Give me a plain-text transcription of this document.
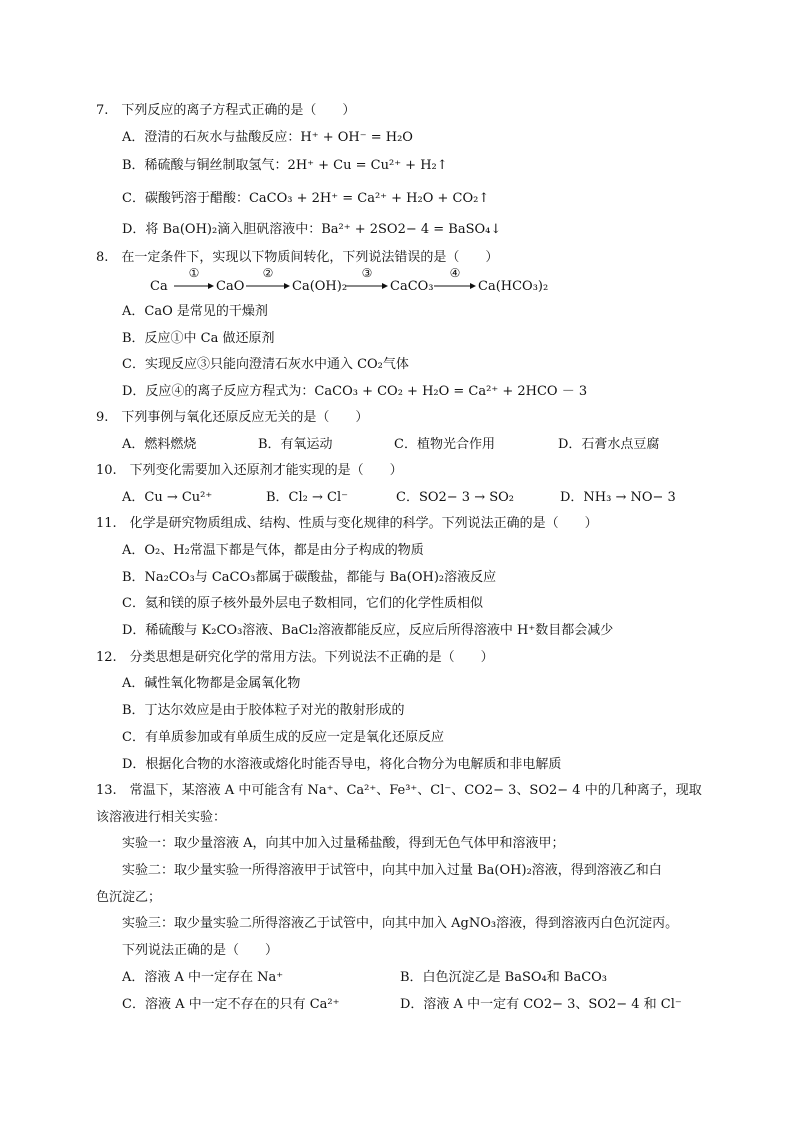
7.　下列反应的离子方程式正确的是（　　）
A．澄清的石灰水与盐酸反应：H⁺ + OH⁻ = H₂O
B．稀硫酸与铜丝制取氢气：2H⁺ + Cu = Cu²⁺ + H₂↑
C．碳酸钙溶于醋酸：CaCO₃ + 2H⁺ = Ca²⁺ + H₂O + CO₂↑
D．将 Ba(OH)₂滴入胆矾溶液中：Ba²⁺ + 2SO2− 4 = BaSO₄↓
8.　在一定条件下，实现以下物质间转化，下列说法错误的是（　　）
Ca
①
CaO
②
Ca(OH)₂
③
CaCO₃
④
Ca(HCO₃)₂
A．CaO 是常见的干燥剂
B．反应①中 Ca 做还原剂
C．实现反应③只能向澄清石灰水中通入 CO₂气体
D．反应④的离子反应方程式为：CaCO₃ + CO₂ + H₂O = Ca²⁺ + 2HCO － 3
9.　下列事例与氧化还原反应无关的是（　　）
A．燃料燃烧	B．有氧运动	C．植物光合作用	D．石膏水点豆腐
10.　下列变化需要加入还原剂才能实现的是（　　）
A．Cu → Cu²⁺	B．Cl₂ → Cl⁻	C．SO2− 3 → SO₂	D．NH₃ → NO− 3
11.　化学是研究物质组成、结构、性质与变化规律的科学。下列说法正确的是（　　）
A．O₂、H₂常温下都是气体，都是由分子构成的物质
B．Na₂CO₃与 CaCO₃都属于碳酸盐，都能与 Ba(OH)₂溶液反应
C．氦和镁的原子核外最外层电子数相同，它们的化学性质相似
D．稀硫酸与 K₂CO₃溶液、BaCl₂溶液都能反应，反应后所得溶液中 H⁺数目都会减少
12.　分类思想是研究化学的常用方法。下列说法不正确的是（　　）
A．碱性氧化物都是金属氧化物
B．丁达尔效应是由于胶体粒子对光的散射形成的
C．有单质参加或有单质生成的反应一定是氧化还原反应
D．根据化合物的水溶液或熔化时能否导电，将化合物分为电解质和非电解质
13.　常温下，某溶液 A 中可能含有 Na⁺、Ca²⁺、Fe³⁺、Cl⁻、CO2− 3、SO2− 4 中的几种离子，现取
该溶液进行相关实验：
实验一：取少量溶液 A，向其中加入过量稀盐酸，得到无色气体甲和溶液甲；
实验二：取少量实验一所得溶液甲于试管中，向其中加入过量 Ba(OH)₂溶液，得到溶液乙和白
色沉淀乙；
实验三：取少量实验二所得溶液乙于试管中，向其中加入 AgNO₃溶液，得到溶液丙白色沉淀丙。
下列说法正确的是（　　）
A．溶液 A 中一定存在 Na⁺	B．白色沉淀乙是 BaSO₄和 BaCO₃
C．溶液 A 中一定不存在的只有 Ca²⁺	D．溶液 A 中一定有 CO2− 3、SO2− 4 和 Cl⁻
